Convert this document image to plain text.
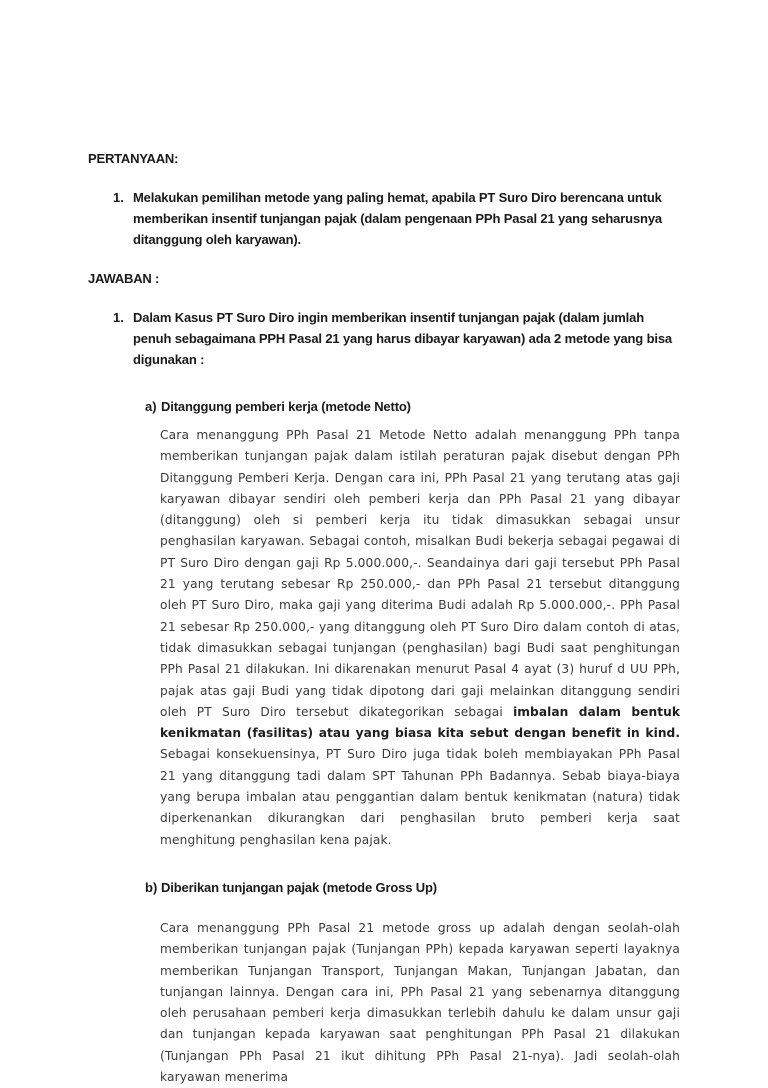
PERTANYAAN:
1. Melakukan pemilihan metode yang paling hemat, apabila PT Suro Diro berencana untuk memberikan insentif tunjangan pajak (dalam pengenaan PPh Pasal 21 yang seharusnya ditanggung oleh karyawan).
JAWABAN :
1. Dalam Kasus PT Suro Diro ingin memberikan insentif tunjangan pajak (dalam jumlah penuh sebagaimana PPH Pasal 21 yang harus dibayar karyawan) ada 2 metode yang bisa digunakan :
a) Ditanggung pemberi kerja (metode Netto)

Cara menanggung PPh Pasal 21 Metode Netto adalah menanggung PPh tanpa memberikan tunjangan pajak dalam istilah peraturan pajak disebut dengan PPh Ditanggung Pemberi Kerja. Dengan cara ini, PPh Pasal 21 yang terutang atas gaji karyawan dibayar sendiri oleh pemberi kerja dan PPh Pasal 21 yang dibayar (ditanggung) oleh si pemberi kerja itu tidak dimasukkan sebagai unsur penghasilan karyawan. Sebagai contoh, misalkan Budi bekerja sebagai pegawai di PT Suro Diro dengan gaji Rp 5.000.000,-. Seandainya dari gaji tersebut PPh Pasal 21 yang terutang sebesar Rp 250.000,- dan PPh Pasal 21 tersebut ditanggung oleh PT Suro Diro, maka gaji yang diterima Budi adalah Rp 5.000.000,-. PPh Pasal 21 sebesar Rp 250.000,- yang ditanggung oleh PT Suro Diro dalam contoh di atas, tidak dimasukkan sebagai tunjangan (penghasilan) bagi Budi saat penghitungan PPh Pasal 21 dilakukan. Ini dikarenakan menurut Pasal 4 ayat (3) huruf d UU PPh, pajak atas gaji Budi yang tidak dipotong dari gaji melainkan ditanggung sendiri oleh PT Suro Diro tersebut dikategorikan sebagai imbalan dalam bentuk kenikmatan (fasilitas) atau yang biasa kita sebut dengan benefit in kind. Sebagai konsekuensinya, PT Suro Diro juga tidak boleh membiayakan PPh Pasal 21 yang ditanggung tadi dalam SPT Tahunan PPh Badannya. Sebab biaya-biaya yang berupa imbalan atau penggantian dalam bentuk kenikmatan (natura) tidak diperkenankan dikurangkan dari penghasilan bruto pemberi kerja saat menghitung penghasilan kena pajak.

b) Diberikan tunjangan pajak (metode Gross Up)

Cara menanggung PPh Pasal 21 metode gross up adalah dengan seolah-olah memberikan tunjangan pajak (Tunjangan PPh) kepada karyawan seperti layaknya memberikan Tunjangan Transport, Tunjangan Makan, Tunjangan Jabatan, dan tunjangan lainnya. Dengan cara ini, PPh Pasal 21 yang sebenarnya ditanggung oleh perusahaan pemberi kerja dimasukkan terlebih dahulu ke dalam unsur gaji dan tunjangan kepada karyawan saat penghitungan PPh Pasal 21 dilakukan (Tunjangan PPh Pasal 21 ikut dihitung PPh Pasal 21-nya). Jadi seolah-olah karyawan menerima
